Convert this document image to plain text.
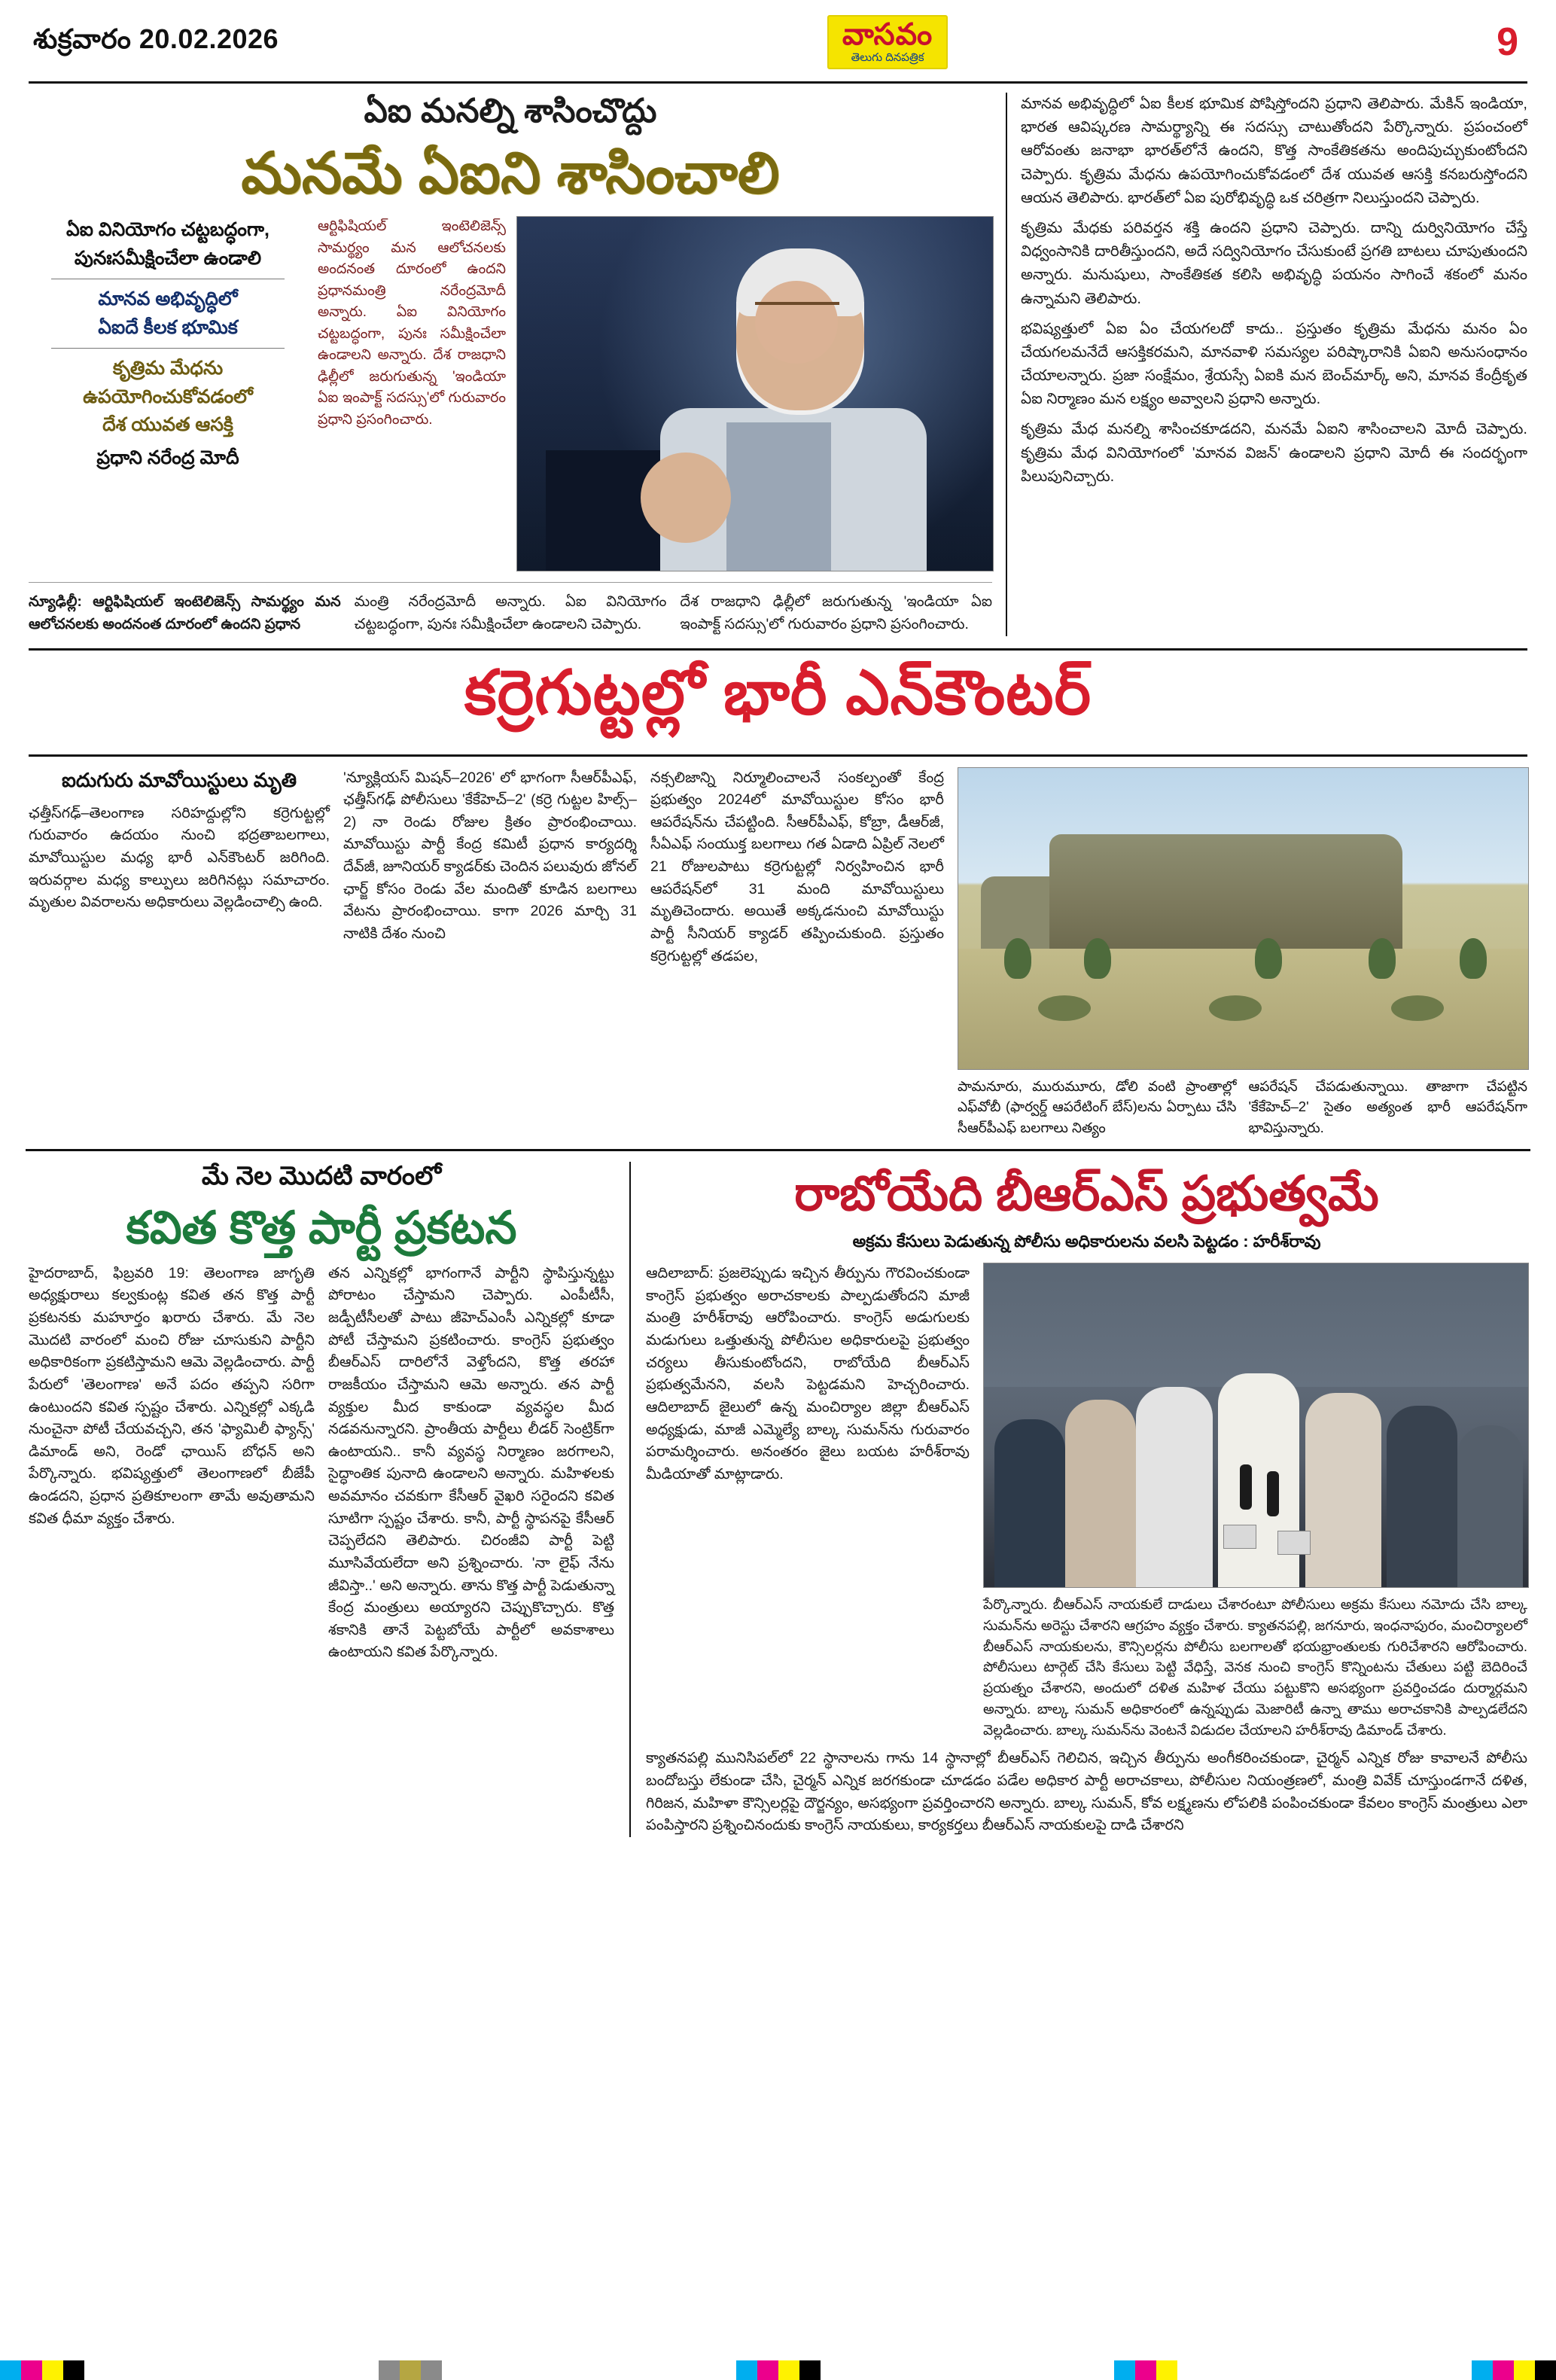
శుక్రవారం 20.02.2026	వాసవం
తెలుగు దినపత్రిక	9
ఏఐ మనల్ని శాసించొద్దు
మనమే ఏఐని శాసించాలి
ఏఐ వినియోగం చట్టబద్ధంగా,
పునఃసమీక్షించేలా ఉండాలి
మానవ అభివృద్ధిలో
ఏఐదే కీలక భూమిక
కృత్రిమ మేధను
ఉపయోగించుకోవడంలో
దేశ యువత ఆసక్తి
ప్రధాని నరేంద్ర మోదీ
ఆర్టిఫిషియల్ ఇంటెలిజెన్స్ సామర్థ్యం మన ఆలోచనలకు అందనంత దూరంలో ఉందని ప్రధానమంత్రి నరేంద్రమోదీ అన్నారు. ఏఐ వినియోగం చట్టబద్ధంగా, పునః సమీక్షించేలా ఉండాలని అన్నారు. దేశ రాజధాని ఢిల్లీలో జరుగుతున్న 'ఇండియా ఏఐ ఇంపాక్ట్ సదస్సు'లో గురువారం ప్రధాని ప్రసంగించారు.
న్యూఢిల్లీ: ఆర్టిఫిషియల్ ఇంటెలిజెన్స్ సామర్థ్యం మన ఆలోచనలకు అందనంత దూరంలో ఉందని ప్రధాన
మంత్రి నరేంద్రమోదీ అన్నారు. ఏఐ వినియోగం చట్టబద్ధంగా, పునః సమీక్షించేలా ఉండాలని చెప్పారు.
దేశ రాజధాని ఢిల్లీలో జరుగుతున్న 'ఇండియా ఏఐ ఇంపాక్ట్ సదస్సు'లో గురువారం ప్రధాని ప్రసంగించారు.

మానవ అభివృద్ధిలో ఏఐ కీలక భూమిక పోషిస్తోందని ప్రధాని తెలిపారు. మేకిన్ ఇండియా, భారత ఆవిష్కరణ సామర్థ్యాన్ని ఈ సదస్సు చాటుతోందని పేర్కొన్నారు. ప్రపంచంలో ఆరోవంతు జనాభా భారత్‌లోనే ఉందని, కొత్త సాంకేతికతను అందిపుచ్చుకుంటోందని చెప్పారు. కృత్రిమ మేధను ఉపయోగించుకోవడంలో దేశ యువత ఆసక్తి కనబరుస్తోందని ఆయన తెలిపారు. భారత్‌లో ఏఐ పురోభివృద్ధి ఒక చరిత్రగా నిలుస్తుందని చెప్పారు.

కృత్రిమ మేధకు పరివర్తన శక్తి ఉందని ప్రధాని చెప్పారు. దాన్ని దుర్వినియోగం చేస్తే విధ్వంసానికి దారితీస్తుందని, అదే సద్వినియోగం చేసుకుంటే ప్రగతి బాటలు చూపుతుందని అన్నారు. మనుషులు, సాంకేతికత కలిసి అభివృద్ధి పయనం సాగించే శకంలో మనం ఉన్నామని తెలిపారు.

భవిష్యత్తులో ఏఐ ఏం చేయగలదో కాదు.. ప్రస్తుతం కృత్రిమ మేధను మనం ఏం చేయగలమనేదే ఆసక్తికరమని, మానవాళి సమస్యల పరిష్కారానికి ఏఐని అనుసంధానం చేయాలన్నారు. ప్రజా సంక్షేమం, శ్రేయస్సే ఏఐకి మన బెంచ్‌మార్క్ అని, మానవ కేంద్రీకృత ఏఐ నిర్మాణం మన లక్ష్యం అవ్వాలని ప్రధాని అన్నారు.

కృత్రిమ మేధ మనల్ని శాసించకూడదని, మనమే ఏఐని శాసించాలని మోదీ చెప్పారు. కృత్రిమ మేధ వినియోగంలో 'మానవ విజన్' ఉండాలని ప్రధాని మోదీ ఈ సందర్భంగా పిలుపునిచ్చారు.

కర్రెగుట్టల్లో భారీ ఎన్‌కౌంటర్
ఐదుగురు మావోయిస్టులు మృతి
ఛత్తీస్‌గఢ్–తెలంగాణ సరిహద్దుల్లోని కర్రెగుట్టల్లో గురువారం ఉదయం నుంచి భద్రతాబలగాలు, మావోయిస్టుల మధ్య భారీ ఎన్‌కౌంటర్ జరిగింది. ఇరువర్గాల మధ్య కాల్పులు జరిగినట్లు సమాచారం. మృతుల వివరాలను అధికారులు వెల్లడించాల్సి ఉంది.
'న్యూక్లియస్ మిషన్–2026' లో భాగంగా సీఆర్‌పీఎఫ్, ఛత్తీస్‌గఢ్ పోలీసులు 'కేకేహెచ్–2' (కర్రె గుట్టల హిల్స్–2) నా రెండు రోజుల క్రితం ప్రారంభించాయి. మావోయిస్టు పార్టీ కేంద్ర కమిటీ ప్రధాన కార్యదర్శి దేవ్‌జీ, జూనియర్ క్యాడర్‌కు చెందిన పలువురు జోనల్ ఛార్జ్ కోసం రెండు వేల మందితో కూడిన బలగాలు వేటను ప్రారంభించాయి. కాగా 2026 మార్చి 31 నాటికి దేశం నుంచి
నక్సలిజాన్ని నిర్మూలించాలనే సంకల్పంతో కేంద్ర ప్రభుత్వం 2024లో మావోయిస్టుల కోసం భారీ ఆపరేషన్‌ను చేపట్టింది. సీఆర్‌పీఎఫ్, కోబ్రా, డీఆర్‌జీ, సీఏఎఫ్ సంయుక్త బలగాలు గత ఏడాది ఏప్రిల్ నెలలో 21 రోజులపాటు కర్రెగుట్టల్లో నిర్వహించిన భారీ ఆపరేషన్‌లో 31 మంది మావోయిస్టులు మృతిచెందారు. అయితే అక్కడనుంచి మావోయిస్టు పార్టీ సీనియర్ క్యాడర్ తప్పించుకుంది. ప్రస్తుతం కర్రెగుట్టల్లో తడపల,
పామనూరు, మురుమూరు, డోలి వంటి ప్రాంతాల్లో ఎఫ్‌వోబీ (ఫార్వర్డ్ ఆపరేటింగ్ బేస్)లను ఏర్పాటు చేసి సీఆర్‌పీఎఫ్ బలగాలు నిత్యం
ఆపరేషన్ చేపడుతున్నాయి. తాజాగా చేపట్టిన 'కేకేహెచ్–2' సైతం అత్యంత భారీ ఆపరేషన్‌గా భావిస్తున్నారు.
మే నెల మొదటి వారంలో
కవిత కొత్త పార్టీ ప్రకటన
హైదరాబాద్, ఫిబ్రవరి 19: తెలంగాణ జాగృతి అధ్యక్షురాలు కల్వకుంట్ల కవిత తన కొత్త పార్టీ ప్రకటనకు మహూర్తం ఖరారు చేశారు. మే నెల మొదటి వారంలో మంచి రోజు చూసుకుని పార్టీని అధికారికంగా ప్రకటిస్తామని ఆమె వెల్లడించారు. పార్టీ పేరులో 'తెలంగాణ' అనే పదం తప్పని సరిగా ఉంటుందని కవిత స్పష్టం చేశారు. ఎన్నికల్లో ఎక్కడి నుంచైనా పోటీ చేయవచ్చని, తన 'ఫ్యామిలీ ఫ్యాన్స్' డిమాండ్ అని, రెండో ఛాయిస్ బోధన్ అని పేర్కొన్నారు. భవిష్యత్తులో తెలంగాణలో బీజేపీ ఉండదని, ప్రధాన ప్రతికూలంగా తామే అవుతామని కవిత ధీమా వ్యక్తం చేశారు.
తన ఎన్నికల్లో భాగంగానే పార్టీని స్థాపిస్తున్నట్టు పోరాటం చేస్తామని చెప్పారు. ఎంపీటీసీ, జడ్పీటీసీలతో పాటు జీహెచ్ఎంసీ ఎన్నికల్లో కూడా పోటీ చేస్తామని ప్రకటించారు. కాంగ్రెస్ ప్రభుత్వం బీఆర్ఎస్ దారిలోనే వెళ్తోందని, కొత్త తరహా రాజకీయం చేస్తామని ఆమె అన్నారు. తన పార్టీ వ్యక్తుల మీద కాకుండా వ్యవస్థల మీద నడవనున్నారని. ప్రాంతీయ పార్టీలు లీడర్ సెంట్రిక్‌గా ఉంటాయని.. కానీ వ్యవస్థ నిర్మాణం జరగాలని, సైద్ధాంతిక పునాది ఉండాలని అన్నారు. మహిళలకు అవమానం చవకుగా కేసీఆర్ వైఖరి సరైందని కవిత సూటిగా స్పష్టం చేశారు. కానీ, పార్టీ స్థాపనపై కేసీఆర్ చెప్పలేదని తెలిపారు. చిరంజీవి పార్టీ పెట్టి మూసివేయలేదా అని ప్రశ్నించారు. 'నా లైఫ్ నేను జీవిస్తా..' అని అన్నారు. తాను కొత్త పార్టీ పెడుతున్నా కేంద్ర మంత్రులు అయ్యారని చెప్పుకొచ్చారు. కొత్త శకానికి తానే పెట్టబోయే పార్టీలో అవకాశాలు ఉంటాయని కవిత పేర్కొన్నారు.
రాబోయేది బీఆర్ఎస్ ప్రభుత్వమే
అక్రమ కేసులు పెడుతున్న పోలీసు అధికారులను వలసి పెట్టడం : హరీశ్‌రావు
ఆదిలాబాద్: ప్రజలెప్పుడు ఇచ్చిన తీర్పును గౌరవించకుండా కాంగ్రెస్ ప్రభుత్వం అరాచకాలకు పాల్పడుతోందని మాజీ మంత్రి హరీశ్‌రావు ఆరోపించారు. కాంగ్రెస్ అడుగులకు మడుగులు ఒత్తుతున్న పోలీసుల అధికారులపై ప్రభుత్వం చర్యలు తీసుకుంటోందని, రాబోయేది బీఆర్ఎస్ ప్రభుత్వమేనని, వలసి పెట్టడమని హెచ్చరించారు. ఆదిలాబాద్ జైలులో ఉన్న మంచిర్యాల జిల్లా బీఆర్ఎస్ అధ్యక్షుడు, మాజీ ఎమ్మెల్యే బాల్క సుమన్‌ను గురువారం పరామర్శించారు. అనంతరం జైలు బయట హరీశ్‌రావు మీడియాతో మాట్లాడారు.
పేర్కొన్నారు. బీఆర్ఎస్ నాయకులే దాడులు చేశారంటూ పోలీసులు అక్రమ కేసులు నమోదు చేసి బాల్క సుమన్‌ను అరెస్టు చేశారని ఆగ్రహం వ్యక్తం చేశారు. క్యాతనపల్లి, జగనూరు, ఇంధనాపురం, మంచిర్యాలలో బీఆర్ఎస్ నాయకులను, కౌన్సిలర్లను పోలీసు బలగాలతో భయభ్రాంతులకు గురిచేశారని ఆరోపించారు. పోలీసులు టార్గెట్ చేసి కేసులు పెట్టి వేధిస్తే, వెనక నుంచి కాంగ్రెస్ కొన్నింటను చేతులు పట్టి బెదిరించే ప్రయత్నం చేశారని, అందులో దళిత మహిళ చేయు పట్టుకొని అసభ్యంగా ప్రవర్తించడం దుర్మార్గమని అన్నారు. బాల్క సుమన్ అధికారంలో ఉన్నప్పుడు మెజారిటీ ఉన్నా తాము అరాచకానికి పాల్పడలేదని వెల్లడించారు. బాల్క సుమన్‌ను వెంటనే విడుదల చేయాలని హరీశ్‌రావు డిమాండ్ చేశారు.
క్యాతనపల్లి మునిసిపల్‌లో 22 స్థానాలను గాను 14 స్థానాల్లో బీఆర్ఎస్ గెలిచిన, ఇచ్చిన తీర్పును అంగీకరించకుండా, చైర్మన్ ఎన్నిక రోజు కావాలనే పోలీసు బందోబస్తు లేకుండా చేసి, చైర్మన్ ఎన్నిక జరగకుండా చూడడం పడేల అధికార పార్టీ అరాచకాలు, పోలీసుల నియంత్రణలో, మంత్రి వివేక్ చూస్తుండగానే దళిత, గిరిజన, మహిళా కౌన్సిలర్లపై దౌర్జన్యం, అసభ్యంగా ప్రవర్తించారని అన్నారు. బాల్క సుమన్, కోవ లక్ష్మణను లోపలికి పంపించకుండా కేవలం కాంగ్రెస్ మంత్రులు ఎలా పంపిస్తారని ప్రశ్నించినందుకు కాంగ్రెస్ నాయకులు, కార్యకర్తలు బీఆర్ఎస్ నాయకులపై దాడి చేశారని
